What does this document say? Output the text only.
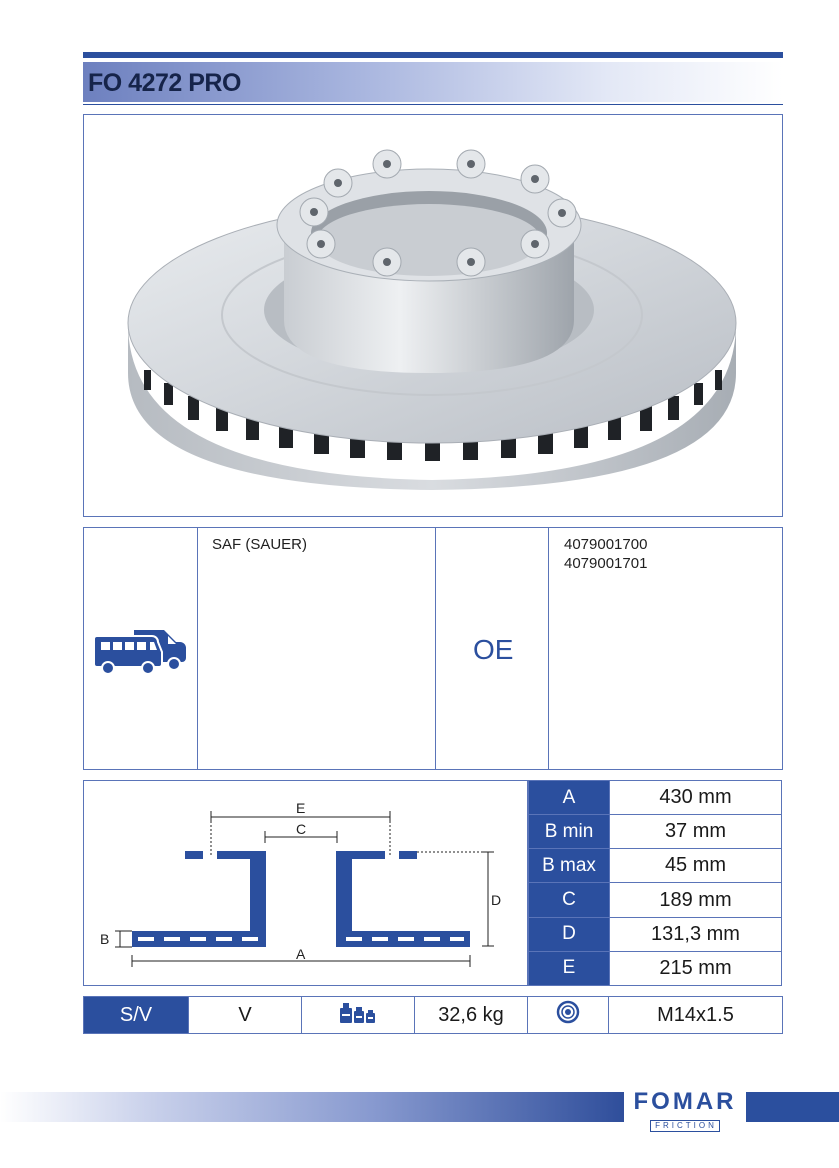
FO 4272 PRO
SAF (SAUER)
OE
4079001700
4079001701
E
C
D
B
A
A	430 mm
B min	37 mm
B max	45 mm
C	189 mm
D	131,3 mm
E	215 mm
S/V	V		32,6 kg		M14x1.5
FOMAR
FRICTION
